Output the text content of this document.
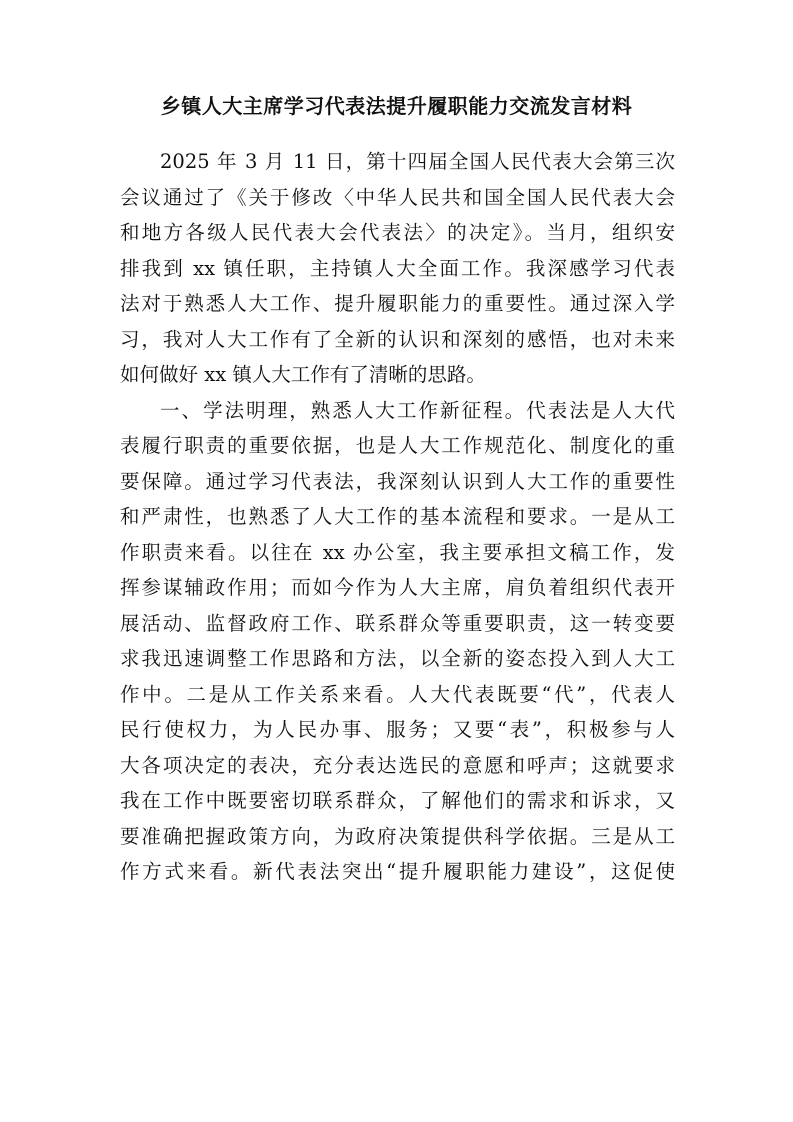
乡镇人大主席学习代表法提升履职能力交流发言材料
2025 年 3 月 11 日，第十四届全国人民代表大会第三次
会议通过了《关于修改〈中华人民共和国全国人民代表大会
和地方各级人民代表大会代表法〉的决定》。当月，组织安
排我到 xx 镇任职，主持镇人大全面工作。我深感学习代表
法对于熟悉人大工作、提升履职能力的重要性。通过深入学
习，我对人大工作有了全新的认识和深刻的感悟，也对未来
如何做好 xx 镇人大工作有了清晰的思路。
一、学法明理，熟悉人大工作新征程。代表法是人大代
表履行职责的重要依据，也是人大工作规范化、制度化的重
要保障。通过学习代表法，我深刻认识到人大工作的重要性
和严肃性，也熟悉了人大工作的基本流程和要求。一是从工
作职责来看。以往在 xx 办公室，我主要承担文稿工作，发
挥参谋辅政作用；而如今作为人大主席，肩负着组织代表开
展活动、监督政府工作、联系群众等重要职责，这一转变要
求我迅速调整工作思路和方法，以全新的姿态投入到人大工
作中。二是从工作关系来看。人大代表既要“代”，代表人
民行使权力，为人民办事、服务；又要“表”，积极参与人
大各项决定的表决，充分表达选民的意愿和呼声；这就要求
我在工作中既要密切联系群众，了解他们的需求和诉求，又
要准确把握政策方向，为政府决策提供科学依据。三是从工
作方式来看。新代表法突出“提升履职能力建设”，这促使
